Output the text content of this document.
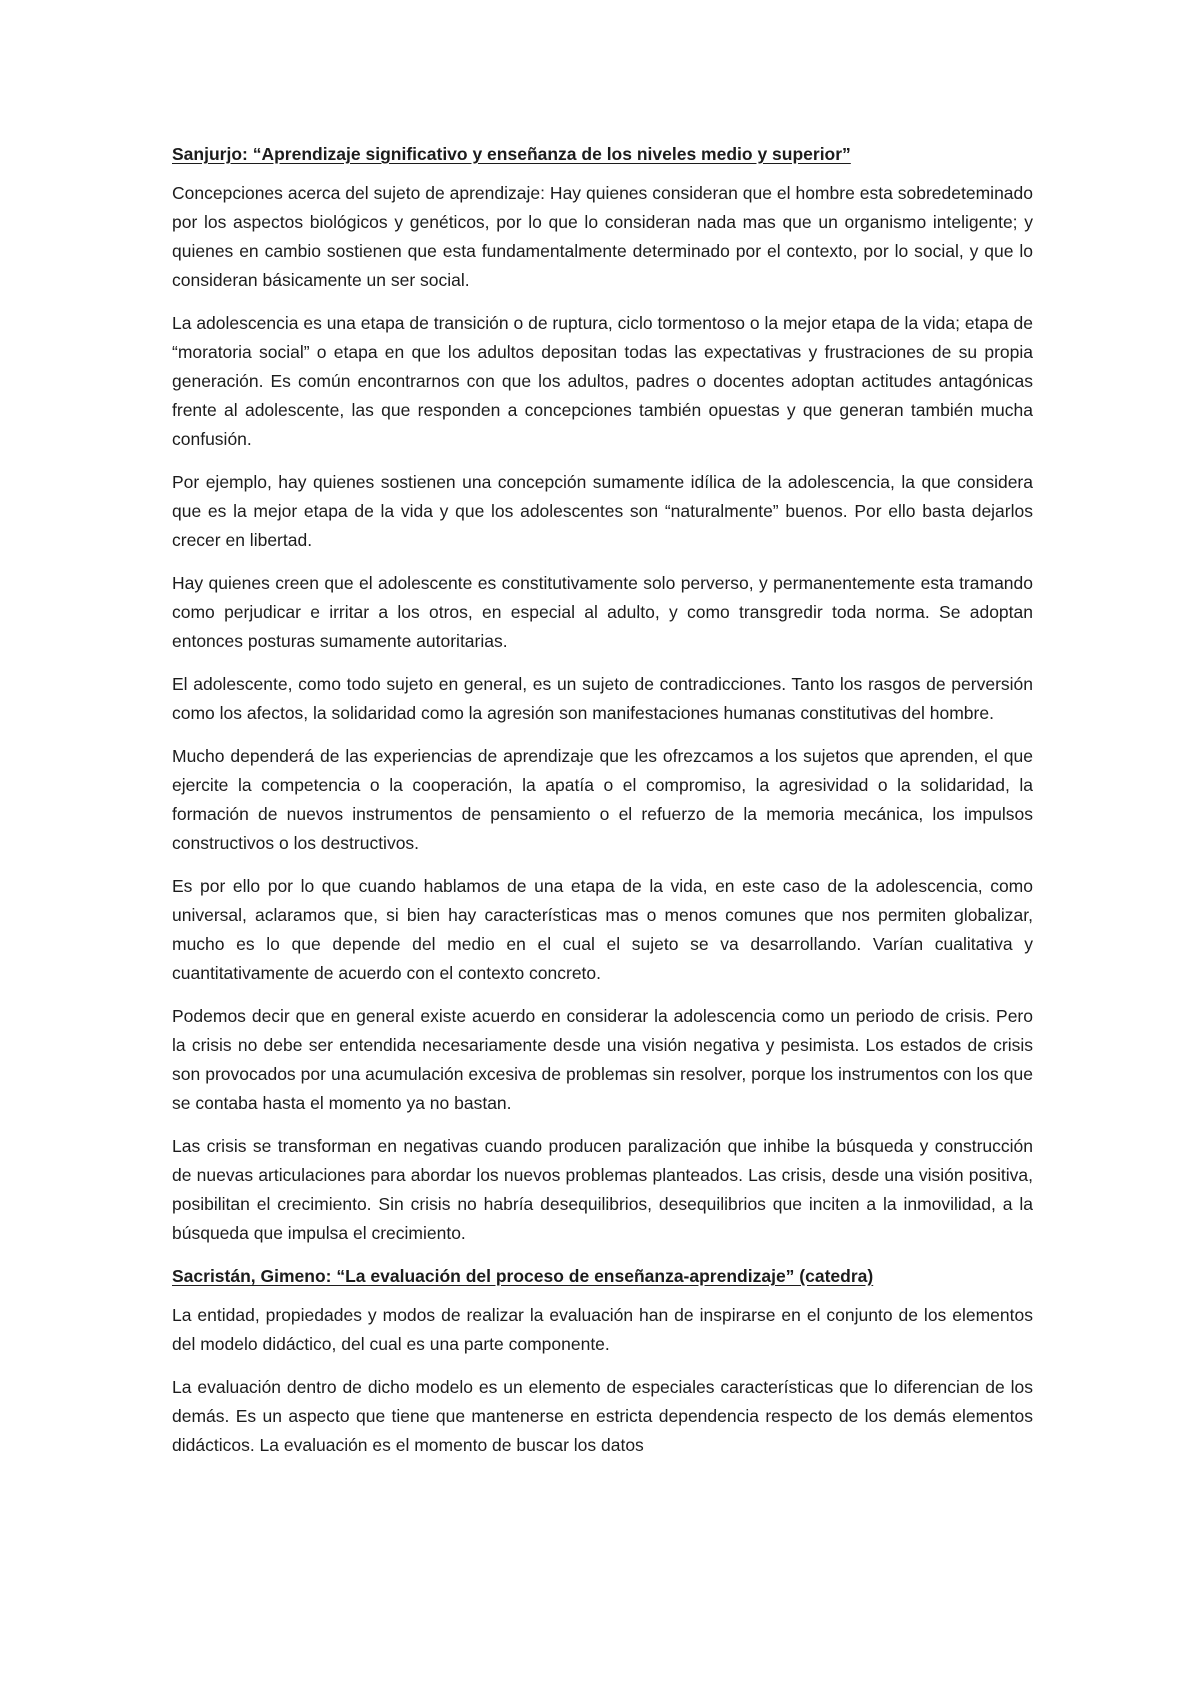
Sanjurjo: “Aprendizaje significativo y enseñanza de los niveles medio y superior”

Concepciones acerca del sujeto de aprendizaje: Hay quienes consideran que el hombre esta sobredeteminado por los aspectos biológicos y genéticos, por lo que lo consideran nada mas que un organismo inteligente; y quienes en cambio sostienen que esta fundamentalmente determinado por el contexto, por lo social, y que lo consideran básicamente un ser social.

La adolescencia es una etapa de transición o de ruptura, ciclo tormentoso o la mejor etapa de la vida; etapa de “moratoria social” o etapa en que los adultos depositan todas las expectativas y frustraciones de su propia generación. Es común encontrarnos con que los adultos, padres o docentes adoptan actitudes antagónicas frente al adolescente, las que responden a concepciones también opuestas y que generan también mucha confusión.

Por ejemplo, hay quienes sostienen una concepción sumamente idílica de la adolescencia, la que considera que es la mejor etapa de la vida y que los adolescentes son “naturalmente” buenos. Por ello basta dejarlos crecer en libertad.

Hay quienes creen que el adolescente es constitutivamente solo perverso, y permanentemente esta tramando como perjudicar e irritar a los otros, en especial al adulto, y como transgredir toda norma. Se adoptan entonces posturas sumamente autoritarias.

El adolescente, como todo sujeto en general, es un sujeto de contradicciones. Tanto los rasgos de perversión como los afectos, la solidaridad como la agresión son manifestaciones humanas constitutivas del hombre.

Mucho dependerá de las experiencias de aprendizaje que les ofrezcamos a los sujetos que aprenden, el que ejercite la competencia o la cooperación, la apatía o el compromiso, la agresividad o la solidaridad, la formación de nuevos instrumentos de pensamiento o el refuerzo de la memoria mecánica, los impulsos constructivos o los destructivos.

Es por ello por lo que cuando hablamos de una etapa de la vida, en este caso de la adolescencia, como universal, aclaramos que, si bien hay características mas o menos comunes que nos permiten globalizar, mucho es lo que depende del medio en el cual el sujeto se va desarrollando. Varían cualitativa y cuantitativamente de acuerdo con el contexto concreto.

Podemos decir que en general existe acuerdo en considerar la adolescencia como un periodo de crisis. Pero la crisis no debe ser entendida necesariamente desde una visión negativa y pesimista. Los estados de crisis son provocados por una acumulación excesiva de problemas sin resolver, porque los instrumentos con los que se contaba hasta el momento ya no bastan.

Las crisis se transforman en negativas cuando producen paralización que inhibe la búsqueda y construcción de nuevas articulaciones para abordar los nuevos problemas planteados. Las crisis, desde una visión positiva, posibilitan el crecimiento. Sin crisis no habría desequilibrios, desequilibrios que inciten a la inmovilidad, a la búsqueda que impulsa el crecimiento.

Sacristán, Gimeno: “La evaluación del proceso de enseñanza-aprendizaje” (catedra)

La entidad, propiedades y modos de realizar la evaluación han de inspirarse en el conjunto de los elementos del modelo didáctico, del cual es una parte componente.

La evaluación dentro de dicho modelo es un elemento de especiales características que lo diferencian de los demás. Es un aspecto que tiene que mantenerse en estricta dependencia respecto de los demás elementos didácticos. La evaluación es el momento de buscar los datos
